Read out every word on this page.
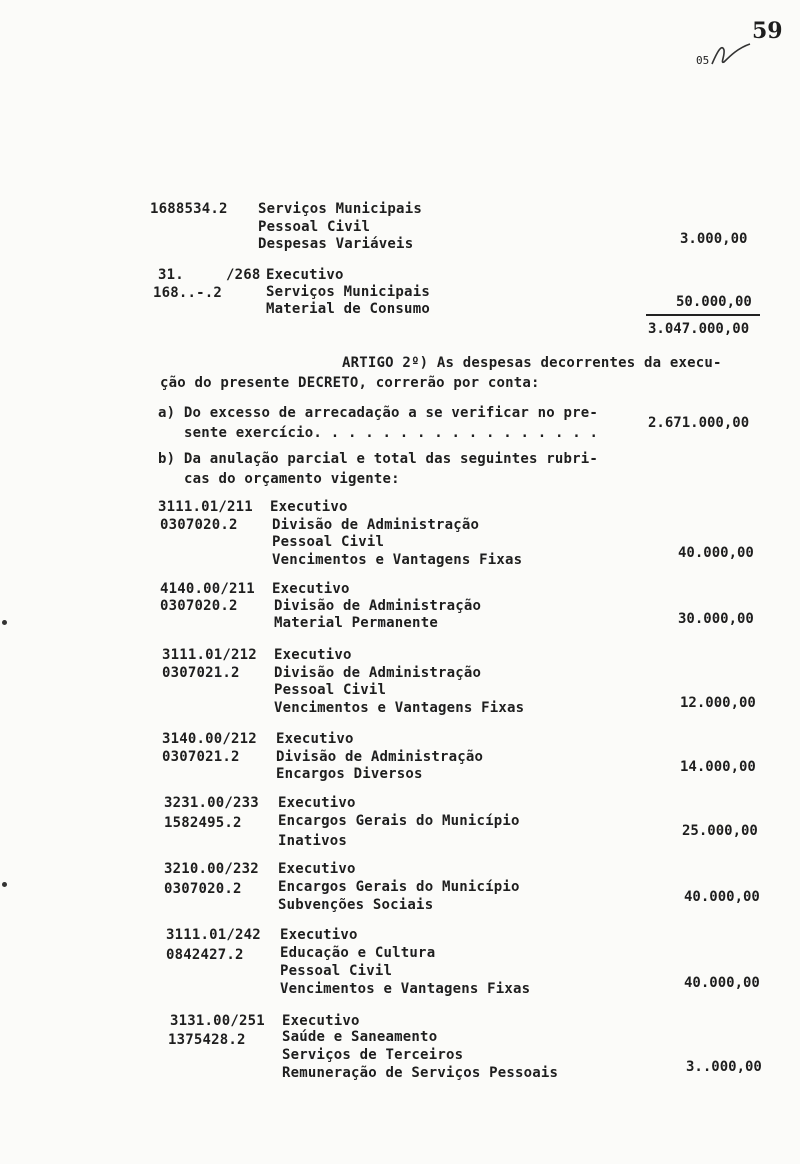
59
05
1688534.2 Serviços Municipais
Pessoal Civil
Despesas Variáveis	3.000,00
31.	/268 Executivo
168..-.2	Serviços Municipais
Material de Consumo	50.000,00
3.047.000,00
ARTIGO 2º) As despesas decorrentes da execu-
ção do presente DECRETO, correrão por conta:
a) Do excesso de arrecadação a se verificar no pre-
sente exercício. . . . . . . . . . . . . . . . .
2.671.000,00
b) Da anulação parcial e total das seguintes rubri-
cas do orçamento vigente:
3111.01/211 Executivo
0307020.2 Divisão de Administração
Pessoal Civil
Vencimentos e Vantagens Fixas	40.000,00
4140.00/211 Executivo
0307020.2	Divisão de Administração
Material Permanente	30.000,00
3111.01/212 Executivo
0307021.2 Divisão de Administração
Pessoal Civil
Vencimentos e Vantagens Fixas	12.000,00
3140.00/212 Executivo
0307021.2	Divisão de Administração
Encargos Diversos	14.000,00
3231.00/233 Executivo
1582495.2	Encargos Gerais do Município
Inativos
25.000,00
3210.00/232 Executivo
0307020.2	Encargos Gerais do Município
Subvenções Sociais	40.000,00
3111.01/242 Executivo
0842427.2	Educação e Cultura
Pessoal Civil
Vencimentos e Vantagens Fixas	40.000,00
3131.00/251 Executivo
1375428.2	Saúde e Saneamento
Serviços de Terceiros
Remuneração de Serviços Pessoais	3..000,00
